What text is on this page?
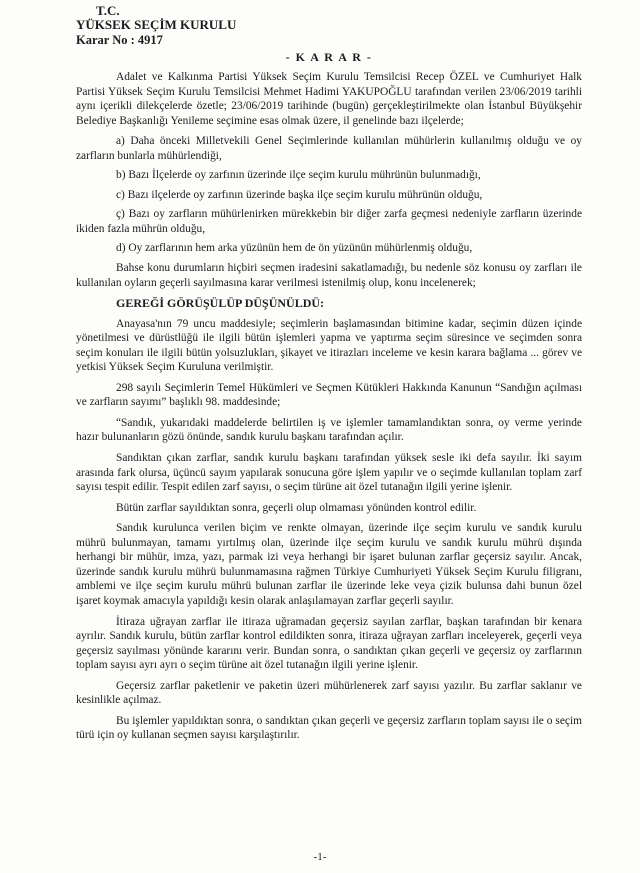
T.C.
YÜKSEK SEÇİM KURULU
Karar No : 4917
- K A R A R -

Adalet ve Kalkınma Partisi Yüksek Seçim Kurulu Temsilcisi Recep ÖZEL ve Cumhuriyet Halk Partisi Yüksek Seçim Kurulu Temsilcisi Mehmet Hadimi YAKUPOĞLU tarafından verilen 23/06/2019 tarihli aynı içerikli dilekçelerde özetle; 23/06/2019 tarihinde (bugün) gerçekleştirilmekte olan İstanbul Büyükşehir Belediye Başkanlığı Yenileme seçimine esas olmak üzere, il genelinde bazı ilçelerde;

a) Daha önceki Milletvekili Genel Seçimlerinde kullanılan mühürlerin kullanılmış olduğu ve oy zarfların bunlarla mühürlendiği,

b) Bazı İlçelerde oy zarfının üzerinde ilçe seçim kurulu mührünün bulunmadığı,

c) Bazı ilçelerde oy zarfının üzerinde başka ilçe seçim kurulu mührünün olduğu,

ç) Bazı oy zarfların mühürlenirken mürekkebin bir diğer zarfa geçmesi nedeniyle zarfların üzerinde ikiden fazla mührün olduğu,

d) Oy zarflarının hem arka yüzünün hem de ön yüzünün mühürlenmiş olduğu,

Bahse konu durumların hiçbiri seçmen iradesini sakatlamadığı, bu nedenle söz konusu oy zarfları ile kullanılan oyların geçerli sayılmasına karar verilmesi istenilmiş olup, konu incelenerek;

GEREĞİ GÖRÜŞÜLÜP DÜŞÜNÜLDÜ:

Anayasa'nın 79 uncu maddesiyle; seçimlerin başlamasından bitimine kadar, seçimin düzen içinde yönetilmesi ve dürüstlüğü ile ilgili bütün işlemleri yapma ve yaptırma seçim süresince ve seçimden sonra seçim konuları ile ilgili bütün yolsuzlukları, şikayet ve itirazları inceleme ve kesin karara bağlama ... görev ve yetkisi Yüksek Seçim Kuruluna verilmiştir.

298 sayılı Seçimlerin Temel Hükümleri ve Seçmen Kütükleri Hakkında Kanunun “Sandığın açılması ve zarfların sayımı” başlıklı 98. maddesinde;

“Sandık, yukarıdaki maddelerde belirtilen iş ve işlemler tamamlandıktan sonra, oy verme yerinde hazır bulunanların gözü önünde, sandık kurulu başkanı tarafından açılır.

Sandıktan çıkan zarflar, sandık kurulu başkanı tarafından yüksek sesle iki defa sayılır. İki sayım arasında fark olursa, üçüncü sayım yapılarak sonucuna göre işlem yapılır ve o seçimde kullanılan toplam zarf sayısı tespit edilir. Tespit edilen zarf sayısı, o seçim türüne ait özel tutanağın ilgili yerine işlenir.

Bütün zarflar sayıldıktan sonra, geçerli olup olmaması yönünden kontrol edilir.

Sandık kurulunca verilen biçim ve renkte olmayan, üzerinde ilçe seçim kurulu ve sandık kurulu mührü bulunmayan, tamamı yırtılmış olan, üzerinde ilçe seçim kurulu ve sandık kurulu mührü dışında herhangi bir mühür, imza, yazı, parmak izi veya herhangi bir işaret bulunan zarflar geçersiz sayılır. Ancak, üzerinde sandık kurulu mührü bulunmamasına rağmen Türkiye Cumhuriyeti Yüksek Seçim Kurulu filigranı, amblemi ve ilçe seçim kurulu mührü bulunan zarflar ile üzerinde leke veya çizik bulunsa dahi bunun özel işaret koymak amacıyla yapıldığı kesin olarak anlaşılamayan zarflar geçerli sayılır.

İtiraza uğrayan zarflar ile itiraza uğramadan geçersiz sayılan zarflar, başkan tarafından bir kenara ayrılır. Sandık kurulu, bütün zarflar kontrol edildikten sonra, itiraza uğrayan zarfları inceleyerek, geçerli veya geçersiz sayılması yönünde kararını verir. Bundan sonra, o sandıktan çıkan geçerli ve geçersiz oy zarflarının toplam sayısı ayrı ayrı o seçim türüne ait özel tutanağın ilgili yerine işlenir.

Geçersiz zarflar paketlenir ve paketin üzeri mühürlenerek zarf sayısı yazılır. Bu zarflar saklanır ve kesinlikle açılmaz.

Bu işlemler yapıldıktan sonra, o sandıktan çıkan geçerli ve geçersiz zarfların toplam sayısı ile o seçim türü için oy kullanan seçmen sayısı karşılaştırılır.

-1-
